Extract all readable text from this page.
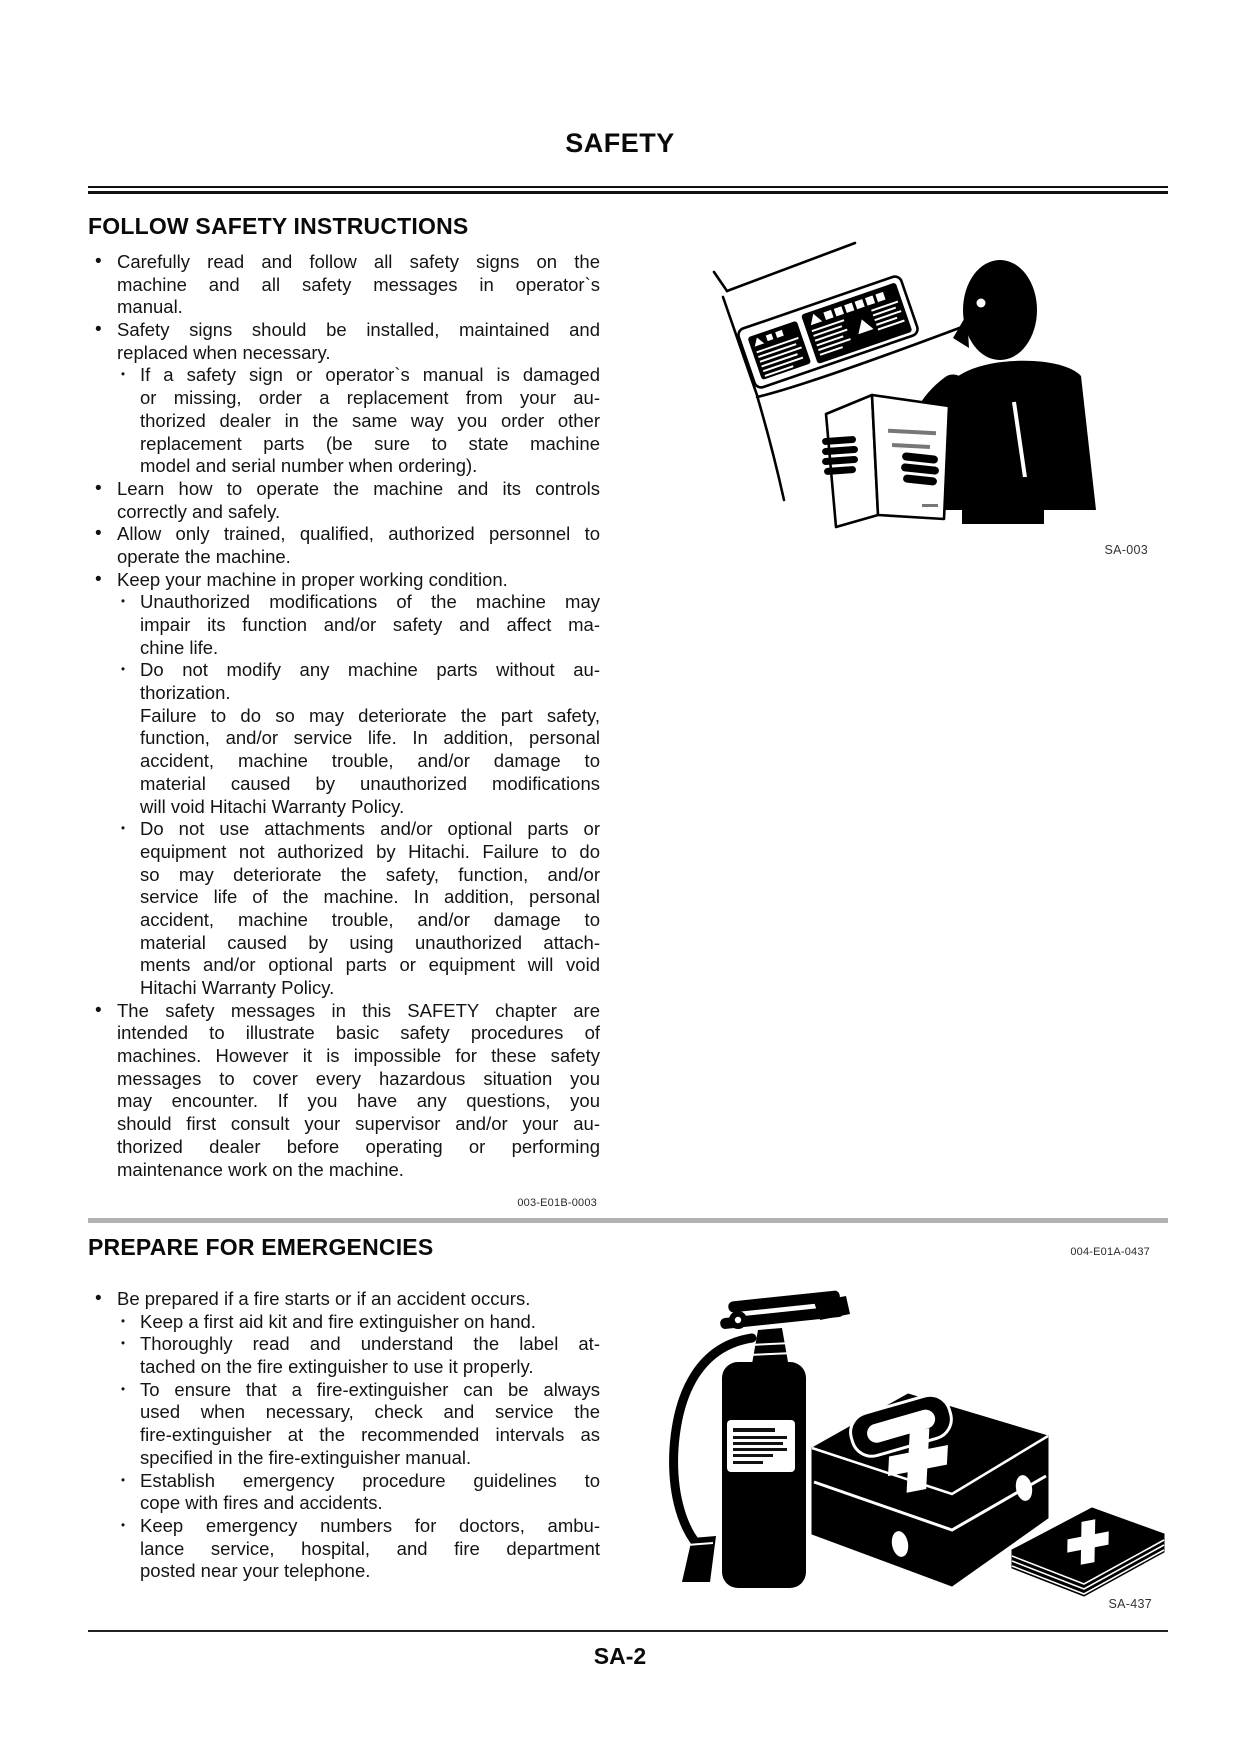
SAFETY
FOLLOW SAFETY INSTRUCTIONS
• Carefully read and follow all safety signs on the
machine and all safety messages in operator`s
manual.
• Safety signs should be installed, maintained and
replaced when necessary.
• If a safety sign or operator`s manual is damaged
or missing, order a replacement from your au-
thorized dealer in the same way you order other
replacement parts (be sure to state machine
model and serial number when ordering).
• Learn how to operate the machine and its controls
correctly and safely.
• Allow only trained, qualified, authorized personnel to
operate the machine.
• Keep your machine in proper working condition.
• Unauthorized modifications of the machine may
impair its function and/or safety and affect ma-
chine life.
• Do not modify any machine parts without au-
thorization.
Failure to do so may deteriorate the part safety,
function, and/or service life. In addition, personal
accident, machine trouble, and/or damage to
material caused by unauthorized modifications
will void Hitachi Warranty Policy.
• Do not use attachments and/or optional parts or
equipment not authorized by Hitachi. Failure to do
so may deteriorate the safety, function, and/or
service life of the machine. In addition, personal
accident, machine trouble, and/or damage to
material caused by using unauthorized attach-
ments and/or optional parts or equipment will void
Hitachi Warranty Policy.
• The safety messages in this SAFETY chapter are
intended to illustrate basic safety procedures of
machines. However it is impossible for these safety
messages to cover every hazardous situation you
may encounter. If you have any questions, you
should first consult your supervisor and/or your au-
thorized dealer before operating or performing
maintenance work on the machine.
003-E01B-0003
SA-003
PREPARE FOR EMERGENCIES	004-E01A-0437
• Be prepared if a fire starts or if an accident occurs.
• Keep a first aid kit and fire extinguisher on hand.
• Thoroughly read and understand the label at-
tached on the fire extinguisher to use it properly.
• To ensure that a fire-extinguisher can be always
used when necessary, check and service the
fire-extinguisher at the recommended intervals as
specified in the fire-extinguisher manual.
• Establish emergency procedure guidelines to
cope with fires and accidents.
• Keep emergency numbers for doctors, ambu-
lance service, hospital, and fire department
posted near your telephone.
SA-437
SA-2
